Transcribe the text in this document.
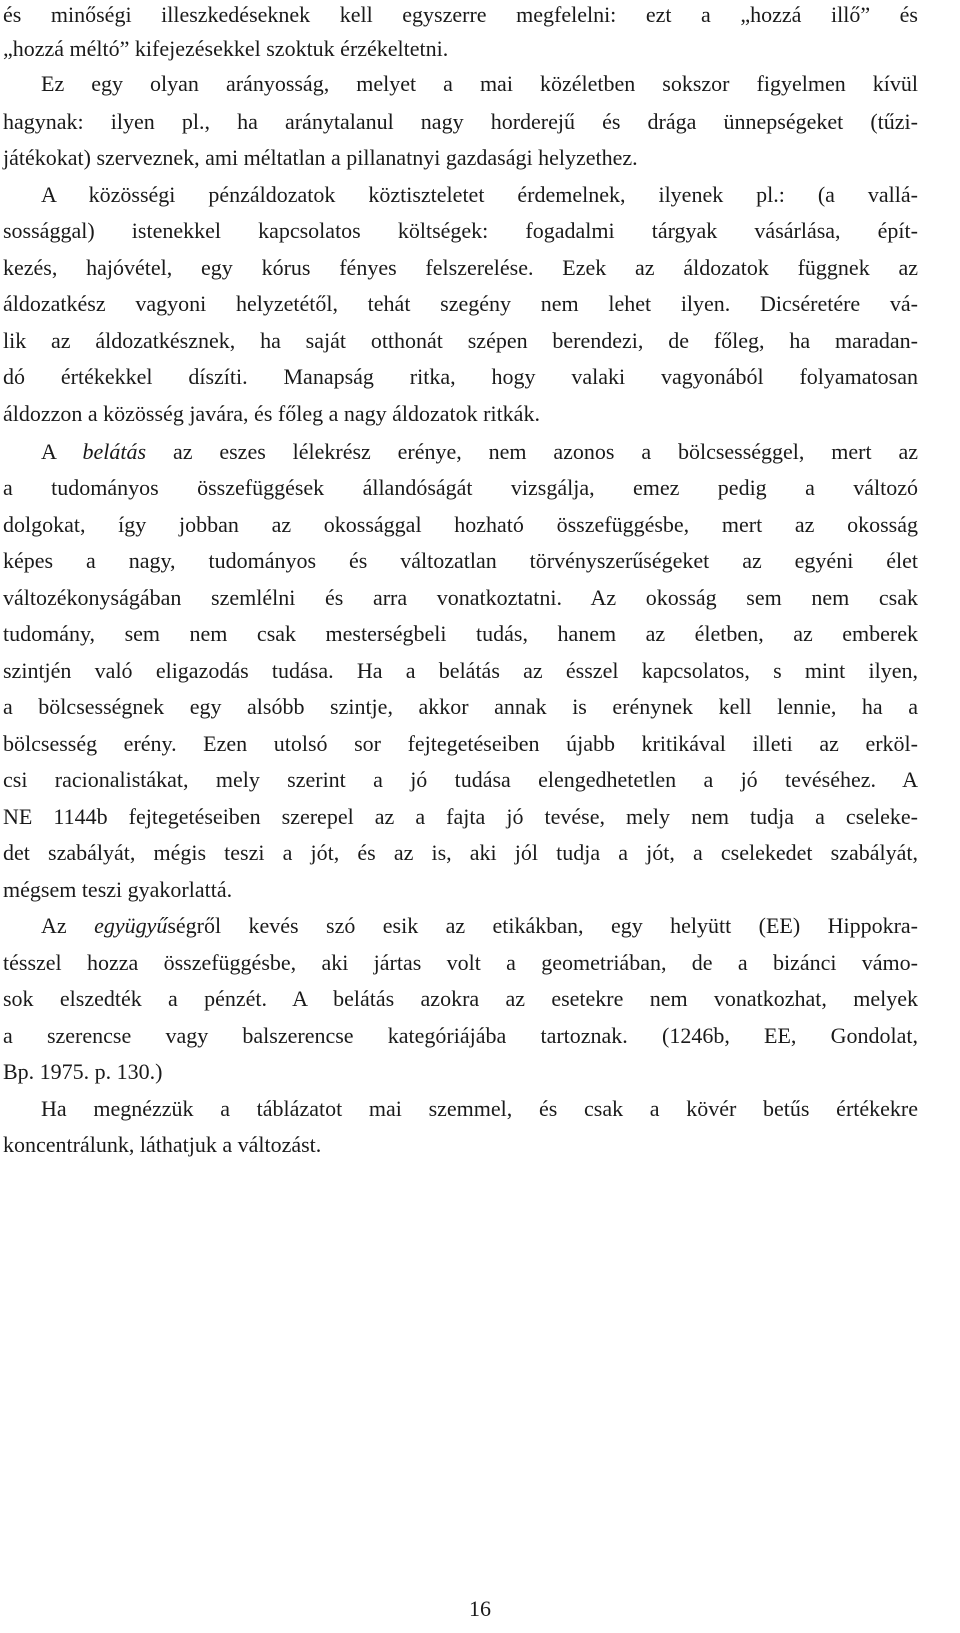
és minőségi illeszkedéseknek kell egyszerre megfelelni: ezt a „hozzá illő” és
„hozzá méltó” kifejezésekkel szoktuk érzékeltetni.
Ez egy olyan arányosság, melyet a mai közéletben sokszor figyelmen kívül
hagynak: ilyen pl., ha aránytalanul nagy horderejű és drága ünnepségeket (tűzi-
játékokat) szerveznek, ami méltatlan a pillanatnyi gazdasági helyzethez.
A közösségi pénzáldozatok köztiszteletet érdemelnek, ilyenek pl.: (a vallá-
sossággal) istenekkel kapcsolatos költségek: fogadalmi tárgyak vásárlása, épít-
kezés, hajóvétel, egy kórus fényes felszerelése. Ezek az áldozatok függnek az
áldozatkész vagyoni helyzetétől, tehát szegény nem lehet ilyen. Dicséretére vá-
lik az áldozatkésznek, ha saját otthonát szépen berendezi, de főleg, ha maradan-
dó értékekkel díszíti. Manapság ritka, hogy valaki vagyonából folyamatosan
áldozzon a közösség javára, és főleg a nagy áldozatok ritkák.
A belátás az eszes lélekrész erénye, nem azonos a bölcsességgel, mert az
a tudományos összefüggések állandóságát vizsgálja, emez pedig a változó
dolgokat, így jobban az okossággal hozható összefüggésbe, mert az okosság
képes a nagy, tudományos és változatlan törvényszerűségeket az egyéni élet
változékonyságában szemlélni és arra vonatkoztatni. Az okosság sem nem csak
tudomány, sem nem csak mesterségbeli tudás, hanem az életben, az emberek
szintjén való eligazodás tudása. Ha a belátás az ésszel kapcsolatos, s mint ilyen,
a bölcsességnek egy alsóbb szintje, akkor annak is erénynek kell lennie, ha a
bölcsesség erény. Ezen utolsó sor fejtegetéseiben újabb kritikával illeti az erköl-
csi racionalistákat, mely szerint a jó tudása elengedhetetlen a jó tevéséhez. A
NE 1144b fejtegetéseiben szerepel az a fajta jó tevése, mely nem tudja a cseleke-
det szabályát, mégis teszi a jót, és az is, aki jól tudja a jót, a cselekedet szabályát,
mégsem teszi gyakorlattá.
Az együgyűségről kevés szó esik az etikákban, egy helyütt (EE) Hippokra-
tésszel hozza összefüggésbe, aki jártas volt a geometriában, de a bizánci vámo-
sok elszedték a pénzét. A belátás azokra az esetekre nem vonatkozhat, melyek
a szerencse vagy balszerencse kategóriájába tartoznak. (1246b, EE, Gondolat,
Bp. 1975. p. 130.)
Ha megnézzük a táblázatot mai szemmel, és csak a kövér betűs értékekre
koncentrálunk, láthatjuk a változást.
16
